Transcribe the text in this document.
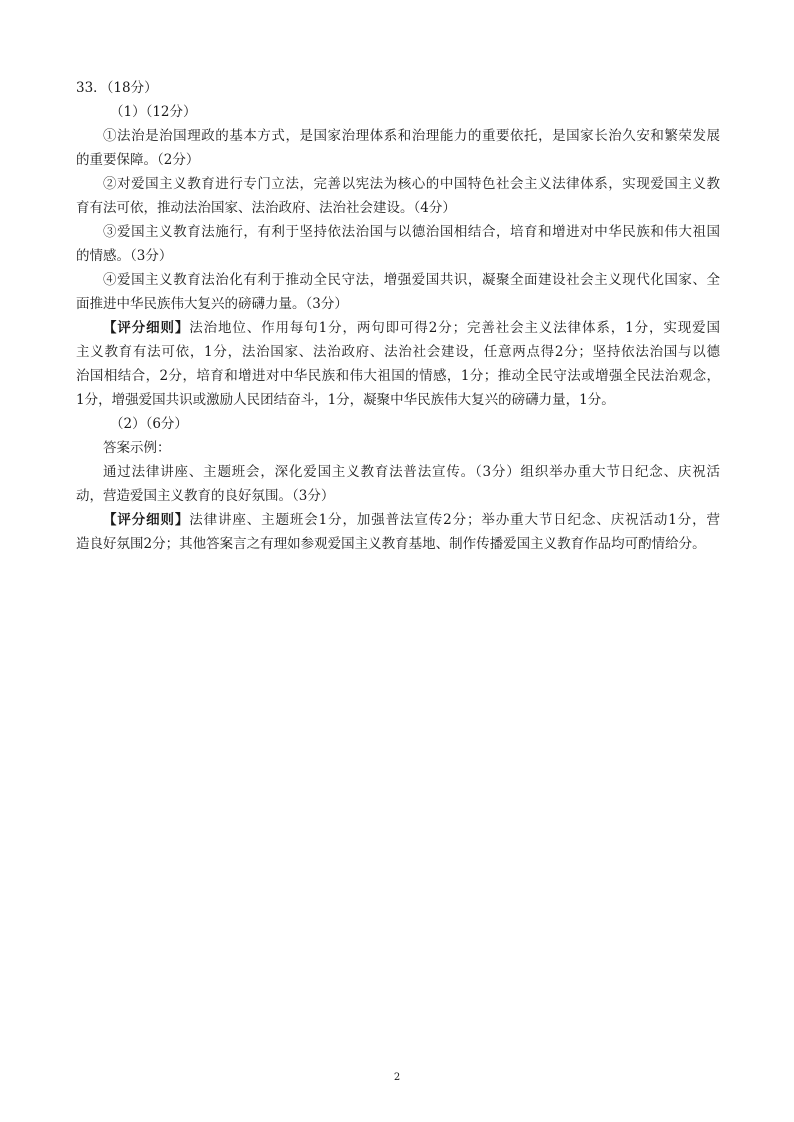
33．（18分）
（1）（12分）
①法治是治国理政的基本方式，是国家治理体系和治理能力的重要依托，是国家长治久安和繁荣发展
的重要保障。（2分）
②对爱国主义教育进行专门立法，完善以宪法为核心的中国特色社会主义法律体系，实现爱国主义教
育有法可依，推动法治国家、法治政府、法治社会建设。（4分）
③爱国主义教育法施行，有利于坚持依法治国与以德治国相结合，培育和增进对中华民族和伟大祖国
的情感。（3分）
④爱国主义教育法治化有利于推动全民守法，增强爱国共识，凝聚全面建设社会主义现代化国家、全
面推进中华民族伟大复兴的磅礴力量。（3分）
【评分细则】法治地位、作用每句1分，两句即可得2分；完善社会主义法律体系，1分，实现爱国
主义教育有法可依，1分，法治国家、法治政府、法治社会建设，任意两点得2分；坚持依法治国与以德
治国相结合，2分，培育和增进对中华民族和伟大祖国的情感，1分；推动全民守法或增强全民法治观念，
1分，增强爱国共识或激励人民团结奋斗，1分，凝聚中华民族伟大复兴的磅礴力量，1分。
（2）（6分）
答案示例：
通过法律讲座、主题班会，深化爱国主义教育法普法宣传。（3分）组织举办重大节日纪念、庆祝活
动，营造爱国主义教育的良好氛围。（3分）
【评分细则】法律讲座、主题班会1分，加强普法宣传2分；举办重大节日纪念、庆祝活动1分，营
造良好氛围2分；其他答案言之有理如参观爱国主义教育基地、制作传播爱国主义教育作品均可酌情给分。
2
